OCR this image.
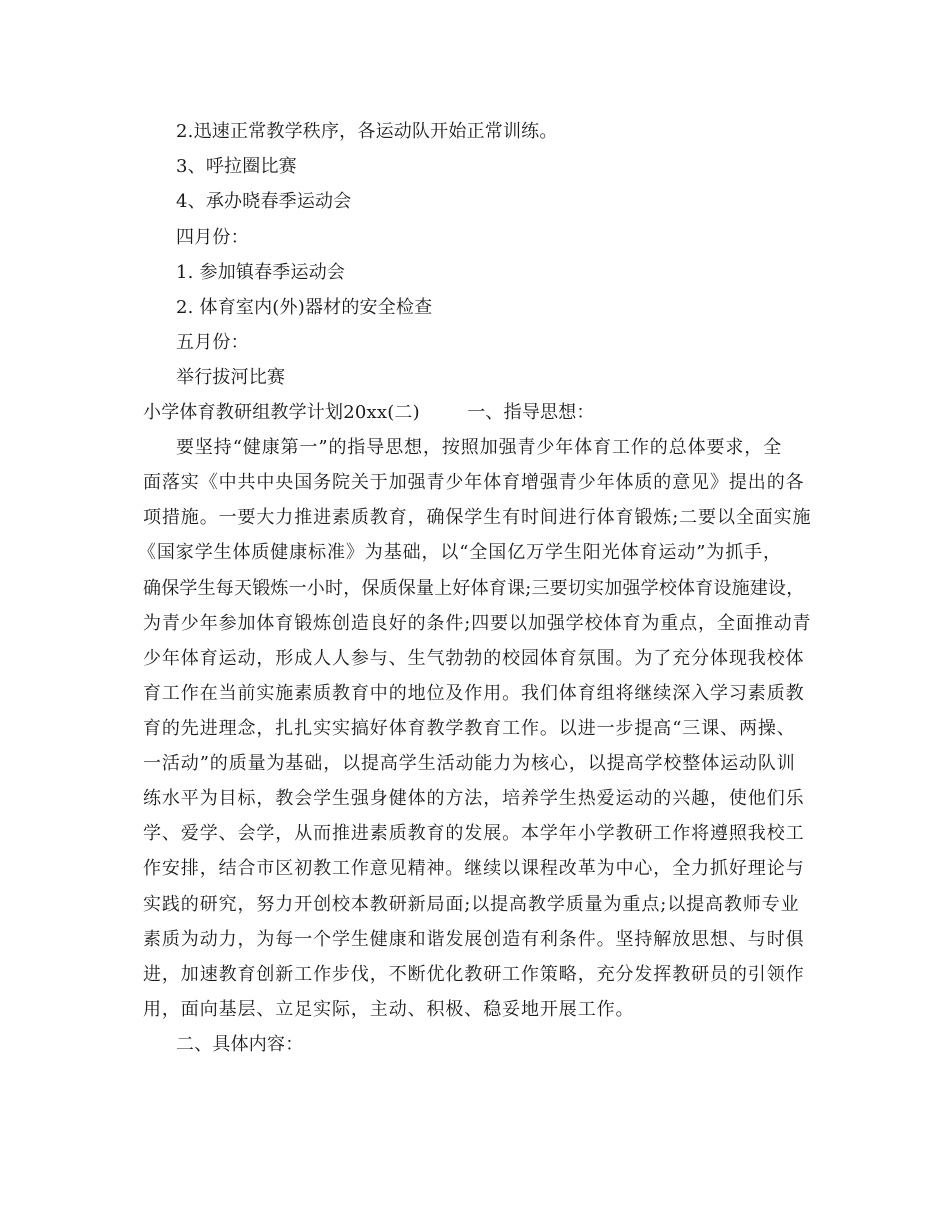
2.迅速正常教学秩序，各运动队开始正常训练。
3、呼拉圈比赛
4、承办晓春季运动会
四月份：
1. 参加镇春季运动会
2. 体育室内(外)器材的安全检查
五月份：
举行拔河比赛
小学体育教研组教学计划20xx(二)        一、指导思想：
要坚持“健康第一”的指导思想，按照加强青少年体育工作的总体要求，全
面落实《中共中央国务院关于加强青少年体育增强青少年体质的意见》提出的各
项措施。一要大力推进素质教育，确保学生有时间进行体育锻炼;二要以全面实施
《国家学生体质健康标准》为基础，以“全国亿万学生阳光体育运动”为抓手，
确保学生每天锻炼一小时，保质保量上好体育课;三要切实加强学校体育设施建设，
为青少年参加体育锻炼创造良好的条件;四要以加强学校体育为重点，全面推动青
少年体育运动，形成人人参与、生气勃勃的校园体育氛围。为了充分体现我校体
育工作在当前实施素质教育中的地位及作用。我们体育组将继续深入学习素质教
育的先进理念，扎扎实实搞好体育教学教育工作。以进一步提高“三课、两操、
一活动”的质量为基础，以提高学生活动能力为核心，以提高学校整体运动队训
练水平为目标，教会学生强身健体的方法，培养学生热爱运动的兴趣，使他们乐
学、爱学、会学，从而推进素质教育的发展。本学年小学教研工作将遵照我校工
作安排，结合市区初教工作意见精神。继续以课程改革为中心，全力抓好理论与
实践的研究，努力开创校本教研新局面;以提高教学质量为重点;以提高教师专业
素质为动力，为每一个学生健康和谐发展创造有利条件。坚持解放思想、与时俱
进，加速教育创新工作步伐，不断优化教研工作策略，充分发挥教研员的引领作
用，面向基层、立足实际，主动、积极、稳妥地开展工作。
二、具体内容：
